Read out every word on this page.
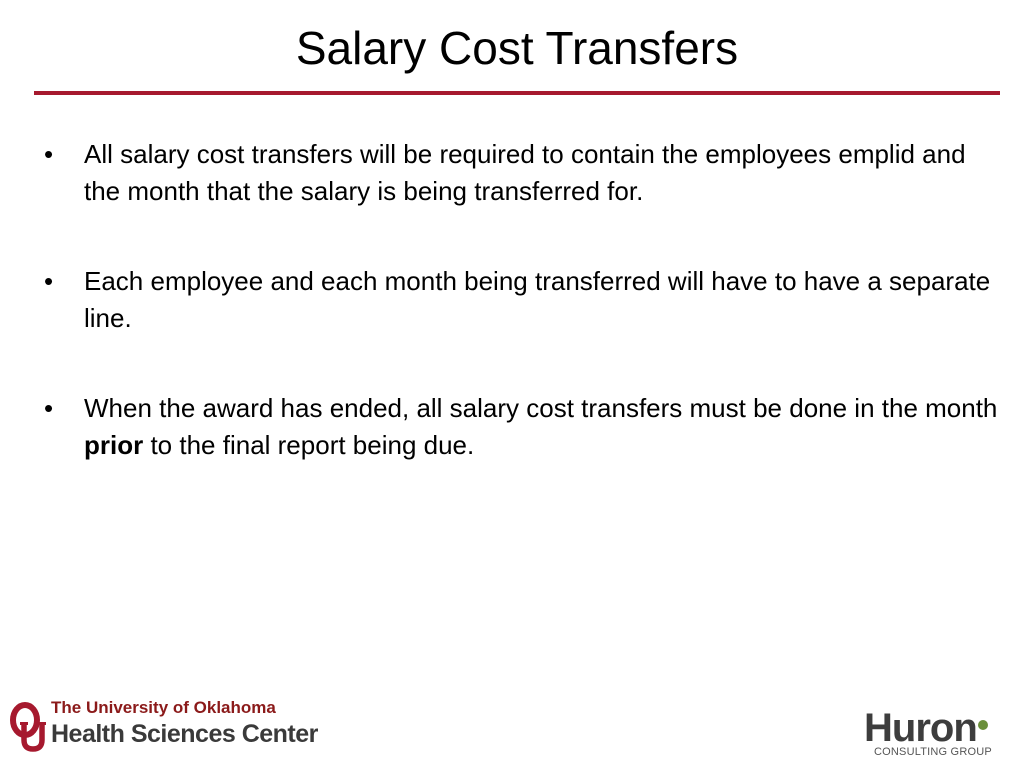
Salary Cost Transfers
• All salary cost transfers will be required to contain the employees emplid and the month that the salary is being transferred for.
• Each employee and each month being transferred will have to have a separate line.
• When the award has ended, all salary cost transfers must be done in the month prior to the final report being due.
The University of Oklahoma
Health Sciences Center	Huron
CONSULTING GROUP
